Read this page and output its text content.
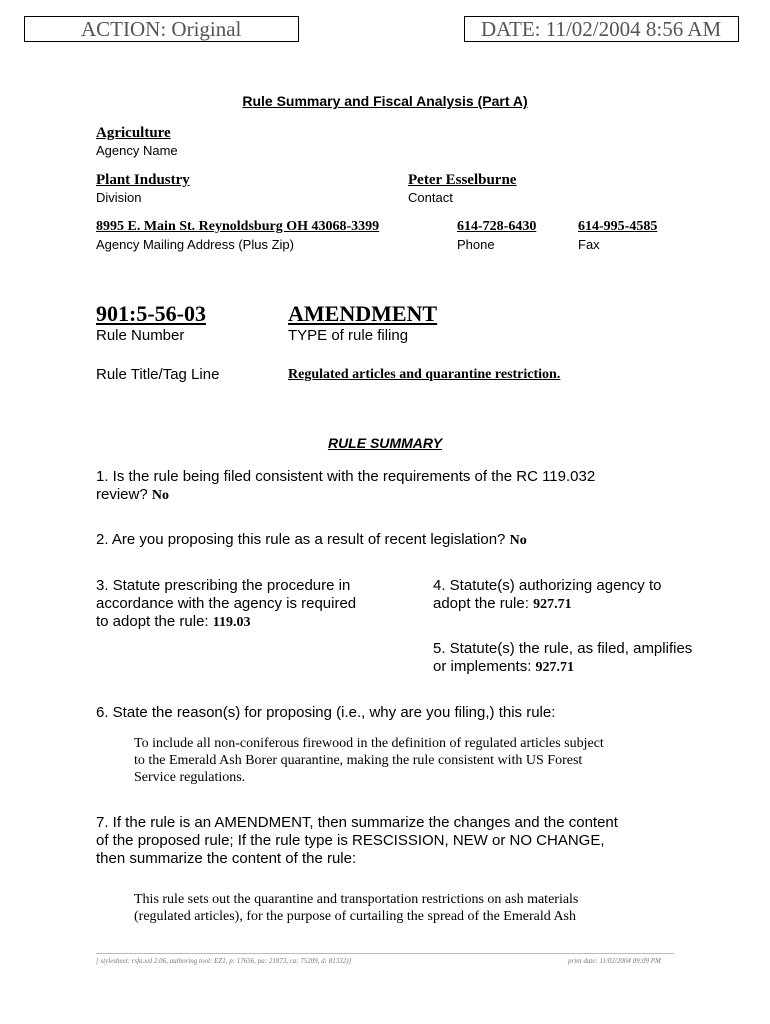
ACTION: Original	DATE: 11/02/2004 8:56 AM
Rule Summary and Fiscal Analysis (Part A)
Agriculture
Agency Name
Plant Industry
Division
Peter Esselburne
Contact
8995 E. Main St. Reynoldsburg OH 43068-3399
Agency Mailing Address (Plus Zip)
614-728-6430
Phone
614-995-4585
Fax
901:5-56-03
Rule Number
AMENDMENT
TYPE of rule filing
Rule Title/Tag Line	Regulated articles and quarantine restriction.
RULE SUMMARY
1. Is the rule being filed consistent with the requirements of the RC 119.032
review? No
2. Are you proposing this rule as a result of recent legislation? No
3. Statute prescribing the procedure in
accordance with the agency is required
to adopt the rule: 119.03
4. Statute(s) authorizing agency to
adopt the rule: 927.71
5. Statute(s) the rule, as filed, amplifies
or implements: 927.71
6. State the reason(s) for proposing (i.e., why are you filing,) this rule:
To include all non-coniferous firewood in the definition of regulated articles subject
to the Emerald Ash Borer quarantine, making the rule consistent with US Forest
Service regulations.
7. If the rule is an AMENDMENT, then summarize the changes and the content
of the proposed rule; If the rule type is RESCISSION, NEW or NO CHANGE,
then summarize the content of the rule:
This rule sets out the quarantine and transportation restrictions on ash materials
(regulated articles), for the purpose of curtailing the spread of the Emerald Ash
[ stylesheet: rsfa.xsl 2.06, authoring tool: EZ1, p: 17656, pa: 21873, ra: 75209, d: 81332)]	print date: 11/02/2004 09:09 PM
